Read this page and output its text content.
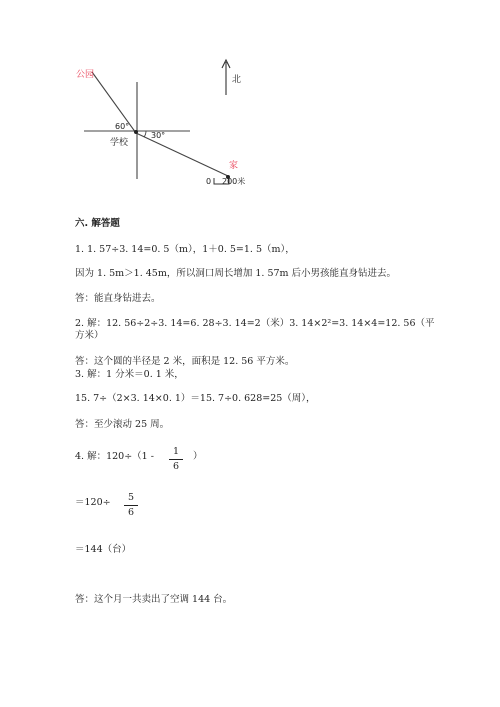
公园	北
60°
30°
学校
家
0 200米
六. 解答题
1. 1. 57÷3. 14=0. 5（m），1＋0. 5=1. 5（m），
因为 1. 5m＞1. 45m，所以洞口周长增加 1. 57m 后小男孩能直身钻进去。
答：能直身钻进去。
2. 解：12. 56÷2÷3. 14=6. 28÷3. 14=2（米）3. 14×2²=3. 14×4=12. 56（平方米）
答：这个圆的半径是 2 米，面积是 12. 56 平方米。
3. 解：1 分米＝0. 1 米，
15. 7÷（2×3. 14×0. 1）＝15. 7÷0. 628=25（周），
答：至少滚动 25 周。
4. 解：120÷（1 -	1
6
）
＝120÷	5
6
＝144（台）
答：这个月一共卖出了空调 144 台。
